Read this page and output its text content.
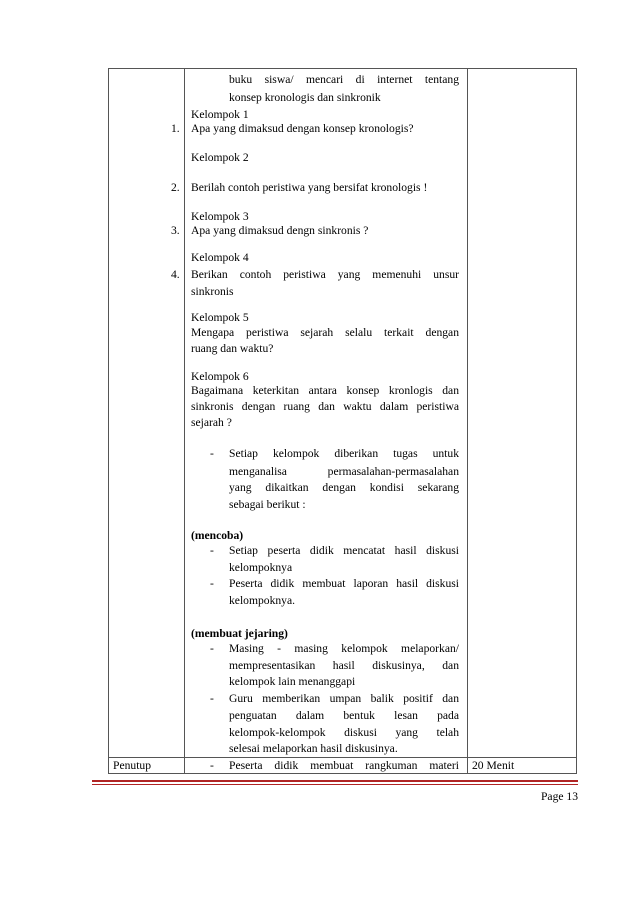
buku siswa/ mencari di internet tentang
konsep kronologis dan sinkronik
Kelompok 1
1. Apa yang dimaksud dengan konsep kronologis?
Kelompok 2
2. Berilah contoh peristiwa yang bersifat kronologis !
Kelompok 3
3. Apa yang dimaksud dengn sinkronis ?
Kelompok 4
4. Berikan contoh peristiwa yang memenuhi unsur
sinkronis
Kelompok 5
Mengapa peristiwa sejarah selalu terkait dengan
ruang dan waktu?
Kelompok 6
Bagaimana keterkitan antara konsep kronlogis dan
sinkronis dengan ruang dan waktu dalam peristiwa
sejarah ?
- Setiap kelompok diberikan tugas untuk
menganalisa permasalahan-permasalahan
yang dikaitkan dengan kondisi sekarang
sebagai berikut :
(mencoba)
- Setiap peserta didik mencatat hasil diskusi
kelompoknya
- Peserta didik membuat laporan hasil diskusi
kelompoknya.
(membuat jejaring)
- Masing - masing kelompok melaporkan/
mempresentasikan hasil diskusinya, dan
kelompok lain menanggapi
- Guru memberikan umpan balik positif dan
penguatan dalam bentuk lesan pada
kelompok-kelompok diskusi yang telah
selesai melaporkan hasil diskusinya.
Penutup	- Peserta didik membuat rangkuman materi 20 Menit
Page 13
